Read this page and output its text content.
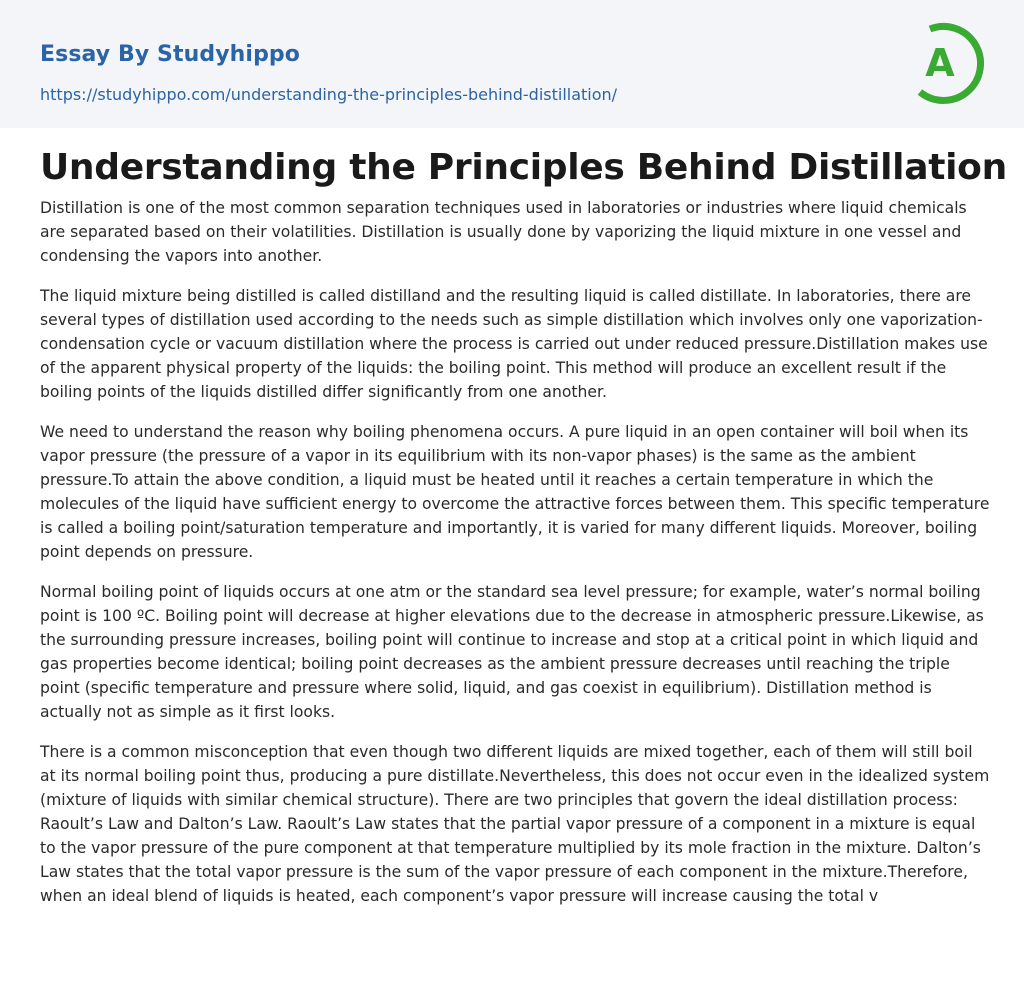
Essay By Studyhippo
https://studyhippo.com/understanding-the-principles-behind-distillation/
A
Understanding the Principles Behind Distillation

Distillation is one of the most common separation techniques used in laboratories or industries where liquid chemicals are separated based on their volatilities. Distillation is usually done by vaporizing the liquid mixture in one vessel and condensing the vapors into another.

The liquid mixture being distilled is called distilland and the resulting liquid is called distillate. In laboratories, there are several types of distillation used according to the needs such as simple distillation which involves only one vaporization-condensation cycle or vacuum distillation where the process is carried out under reduced pressure.Distillation makes use of the apparent physical property of the liquids: the boiling point. This method will produce an excellent result if the boiling points of the liquids distilled differ significantly from one another.

We need to understand the reason why boiling phenomena occurs. A pure liquid in an open container will boil when its vapor pressure (the pressure of a vapor in its equilibrium with its non-vapor phases) is the same as the ambient pressure.To attain the above condition, a liquid must be heated until it reaches a certain temperature in which the molecules of the liquid have sufficient energy to overcome the attractive forces between them. This specific temperature is called a boiling point/saturation temperature and importantly, it is varied for many different liquids. Moreover, boiling point depends on pressure.

Normal boiling point of liquids occurs at one atm or the standard sea level pressure; for example, water’s normal boiling point is 100 ºC. Boiling point will decrease at higher elevations due to the decrease in atmospheric pressure.Likewise, as the surrounding pressure increases, boiling point will continue to increase and stop at a critical point in which liquid and gas properties become identical; boiling point decreases as the ambient pressure decreases until reaching the triple point (specific temperature and pressure where solid, liquid, and gas coexist in equilibrium). Distillation method is actually not as simple as it first looks.

There is a common misconception that even though two different liquids are mixed together, each of them will still boil at its normal boiling point thus, producing a pure distillate.Nevertheless, this does not occur even in the idealized system (mixture of liquids with similar chemical structure). There are two principles that govern the ideal distillation process: Raoult’s Law and Dalton’s Law. Raoult’s Law states that the partial vapor pressure of a component in a mixture is equal to the vapor pressure of the pure component at that temperature multiplied by its mole fraction in the mixture. Dalton’s Law states that the total vapor pressure is the sum of the vapor pressure of each component in the mixture.Therefore, when an ideal blend of liquids is heated, each component’s vapor pressure will increase causing the total v
